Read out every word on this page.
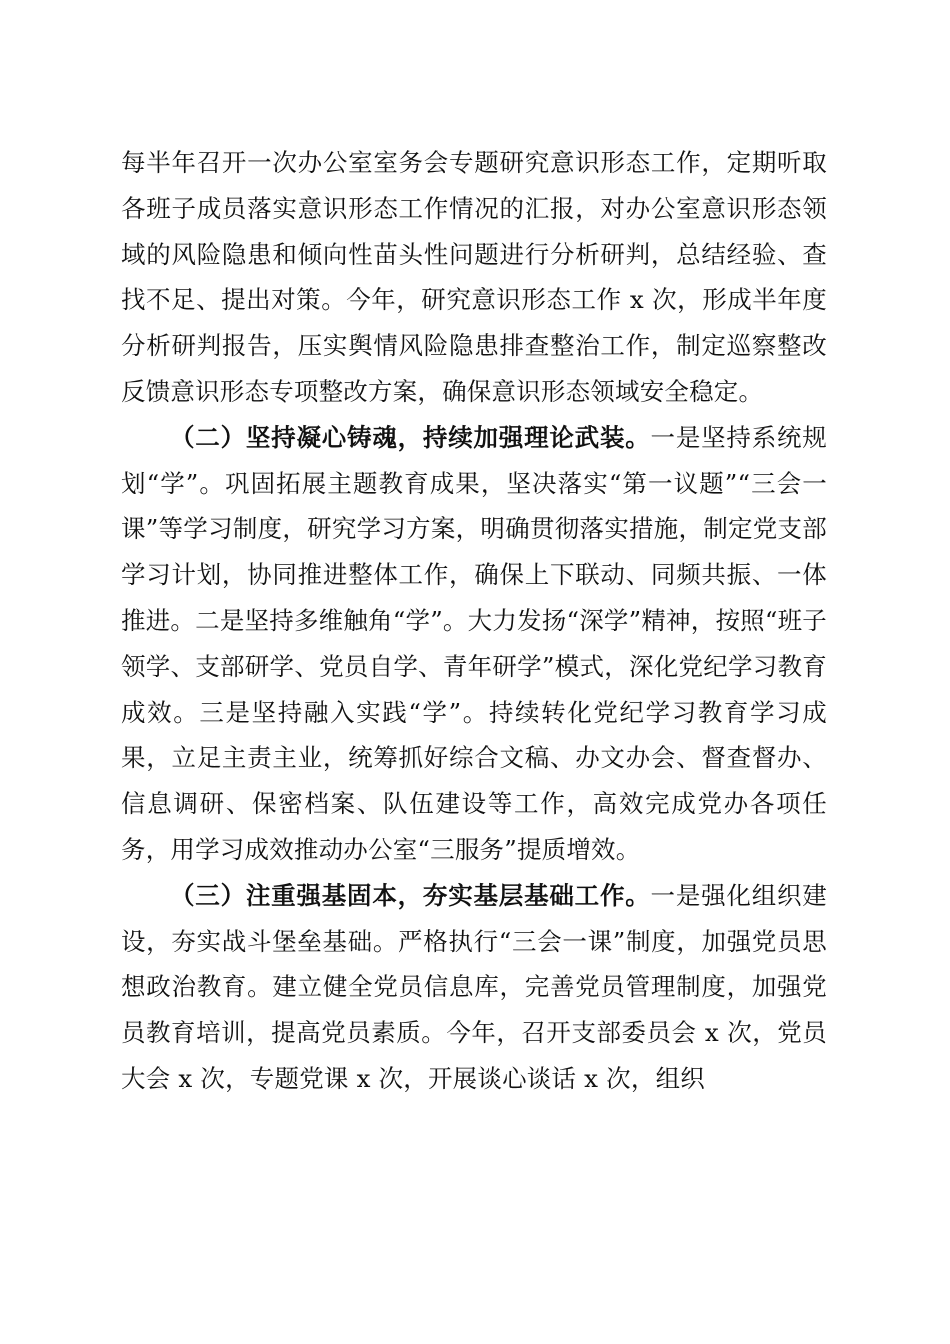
每半年召开一次办公室室务会专题研究意识形态工作，定期听取各班子成员落实意识形态工作情况的汇报，对办公室意识形态领域的风险隐患和倾向性苗头性问题进行分析研判，总结经验、查找不足、提出对策。今年，研究意识形态工作 x 次，形成半年度分析研判报告，压实舆情风险隐患排查整治工作，制定巡察整改反馈意识形态专项整改方案，确保意识形态领域安全稳定。

（二）坚持凝心铸魂，持续加强理论武装。一是坚持系统规划“学”。巩固拓展主题教育成果，坚决落实“第一议题”“三会一课”等学习制度，研究学习方案，明确贯彻落实措施，制定党支部学习计划，协同推进整体工作，确保上下联动、同频共振、一体推进。二是坚持多维触角“学”。大力发扬“深学”精神，按照“班子领学、支部研学、党员自学、青年研学”模式，深化党纪学习教育成效。三是坚持融入实践“学”。持续转化党纪学习教育学习成果，立足主责主业，统筹抓好综合文稿、办文办会、督查督办、信息调研、保密档案、队伍建设等工作，高效完成党办各项任务，用学习成效推动办公室“三服务”提质增效。

（三）注重强基固本，夯实基层基础工作。一是强化组织建设，夯实战斗堡垒基础。严格执行“三会一课”制度，加强党员思想政治教育。建立健全党员信息库，完善党员管理制度，加强党员教育培训，提高党员素质。今年，召开支部委员会 x 次，党员大会 x 次，专题党课 x 次，开展谈心谈话 x 次，组织
